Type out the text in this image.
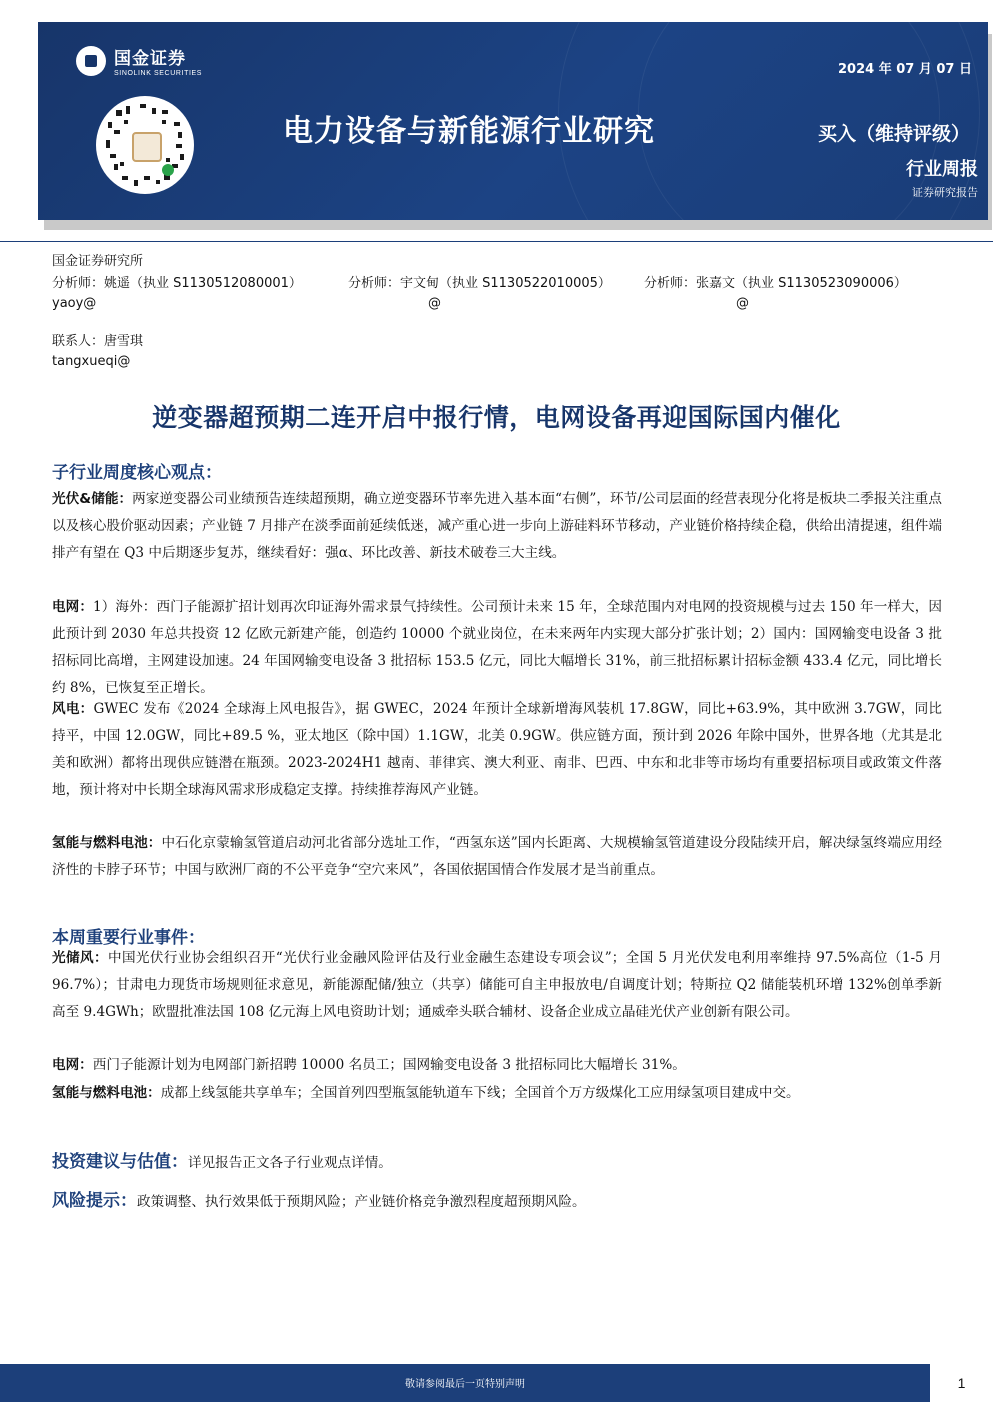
国金证券
SINOLINK SECURITIES	2024 年 07 月 07 日
电力设备与新能源行业研究	买入（维持评级）
行业周报
证券研究报告
国金证券研究所
分析师：姚遥（执业 S1130512080001）	分析师：宇文甸（执业 S1130522010005）	分析师：张嘉文（执业 S1130523090006）
yaoy@	@	@
联系人：唐雪琪
tangxueqi@
逆变器超预期二连开启中报行情，电网设备再迎国际国内催化
子行业周度核心观点：
光伏&储能：两家逆变器公司业绩预告连续超预期，确立逆变器环节率先进入基本面“右侧”，环节/公司层面的经营表现分化将是板块二季报关注重点以及核心股价驱动因素；产业链 7 月排产在淡季面前延续低迷，减产重心进一步向上游硅料环节移动，产业链价格持续企稳，供给出清提速，组件端排产有望在 Q3 中后期逐步复苏，继续看好：强α、环比改善、新技术破卷三大主线。
电网：1）海外：西门子能源扩招计划再次印证海外需求景气持续性。公司预计未来 15 年，全球范围内对电网的投资规模与过去 150 年一样大，因此预计到 2030 年总共投资 12 亿欧元新建产能，创造约 10000 个就业岗位，在未来两年内实现大部分扩张计划；2）国内：国网输变电设备 3 批招标同比高增，主网建设加速。24 年国网输变电设备 3 批招标 153.5 亿元，同比大幅增长 31%，前三批招标累计招标金额 433.4 亿元，同比增长约 8%，已恢复至正增长。
风电：GWEC 发布《2024 全球海上风电报告》，据 GWEC，2024 年预计全球新增海风装机 17.8GW，同比+63.9%，其中欧洲 3.7GW，同比持平，中国 12.0GW，同比+89.5 %，亚太地区（除中国）1.1GW，北美 0.9GW。供应链方面，预计到 2026 年除中国外，世界各地（尤其是北美和欧洲）都将出现供应链潜在瓶颈。2023-2024H1 越南、菲律宾、澳大利亚、南非、巴西、中东和北非等市场均有重要招标项目或政策文件落地，预计将对中长期全球海风需求形成稳定支撑。持续推荐海风产业链。
氢能与燃料电池：中石化京蒙输氢管道启动河北省部分选址工作，“西氢东送”国内长距离、大规模输氢管道建设分段陆续开启，解决绿氢终端应用经济性的卡脖子环节；中国与欧洲厂商的不公平竞争“空穴来风”，各国依据国情合作发展才是当前重点。
本周重要行业事件：
光储风：中国光伏行业协会组织召开“光伏行业金融风险评估及行业金融生态建设专项会议”；全国 5 月光伏发电利用率维持 97.5%高位（1-5 月 96.7%）；甘肃电力现货市场规则征求意见，新能源配储/独立（共享）储能可自主申报放电/自调度计划；特斯拉 Q2 储能装机环增 132%创单季新高至 9.4GWh；欧盟批准法国 108 亿元海上风电资助计划；通威牵头联合辅材、设备企业成立晶硅光伏产业创新有限公司。
电网：西门子能源计划为电网部门新招聘 10000 名员工；国网输变电设备 3 批招标同比大幅增长 31%。
氢能与燃料电池：成都上线氢能共享单车；全国首列四型瓶氢能轨道车下线；全国首个万方级煤化工应用绿氢项目建成中交。
投资建议与估值：详见报告正文各子行业观点详情。
风险提示：政策调整、执行效果低于预期风险；产业链价格竞争激烈程度超预期风险。
敬请参阅最后一页特别声明	1
